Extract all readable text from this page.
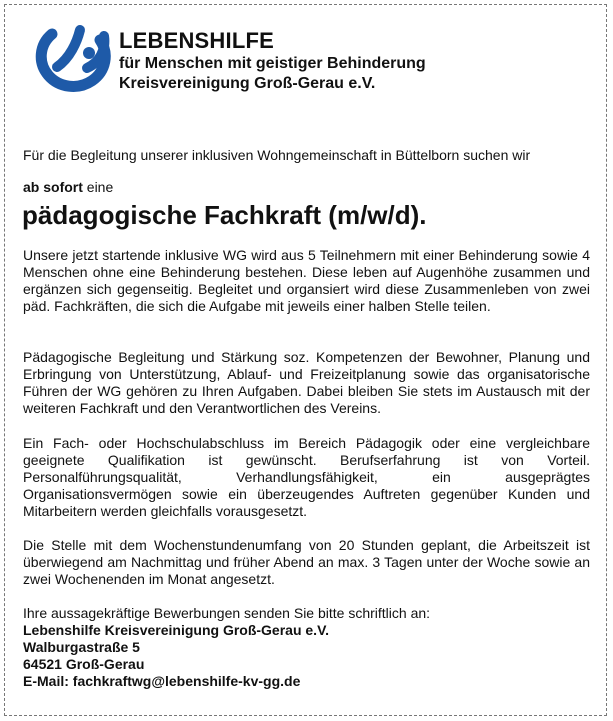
LEBENSHILFE
für Menschen mit geistiger Behinderung
Kreisvereinigung Groß-Gerau e.V.
Für die Begleitung unserer inklusiven Wohngemeinschaft in Büttelborn suchen wir
ab sofort eine
pädagogische Fachkraft (m/w/d).
Unsere jetzt startende inklusive WG wird aus 5 Teilnehmern mit einer Behinderung sowie 4 Menschen ohne eine Behinderung bestehen. Diese leben auf Augenhöhe zusammen und ergänzen sich gegenseitig. Begleitet und organsiert wird diese Zusammenleben von zwei päd. Fachkräften, die sich die Aufgabe mit jeweils einer halben Stelle teilen.
Pädagogische Begleitung und Stärkung soz. Kompetenzen der Bewohner, Planung und Erbringung von Unterstützung, Ablauf- und Freizeitplanung sowie das organisatorische Führen der WG gehören zu Ihren Aufgaben. Dabei bleiben Sie stets im Austausch mit der weiteren Fachkraft und den Verantwortlichen des Vereins.
Ein Fach- oder Hochschulabschluss im Bereich Pädagogik oder eine vergleichbare geeignete Qualifikation ist gewünscht. Berufserfahrung ist von Vorteil. Personalführungsqualität, Verhandlungsfähigkeit, ein ausgeprägtes Organisationsvermögen sowie ein überzeugendes Auftreten gegenüber Kunden und Mitarbeitern werden gleichfalls vorausgesetzt.
Die Stelle mit dem Wochenstundenumfang von 20 Stunden geplant, die Arbeitszeit ist überwiegend am Nachmittag und früher Abend an max. 3 Tagen unter der Woche sowie an zwei Wochenenden im Monat angesetzt.
Ihre aussagekräftige Bewerbungen senden Sie bitte schriftlich an:
Lebenshilfe Kreisvereinigung Groß-Gerau e.V.
Walburgastraße 5
64521 Groß-Gerau
E-Mail: fachkraftwg@lebenshilfe-kv-gg.de
